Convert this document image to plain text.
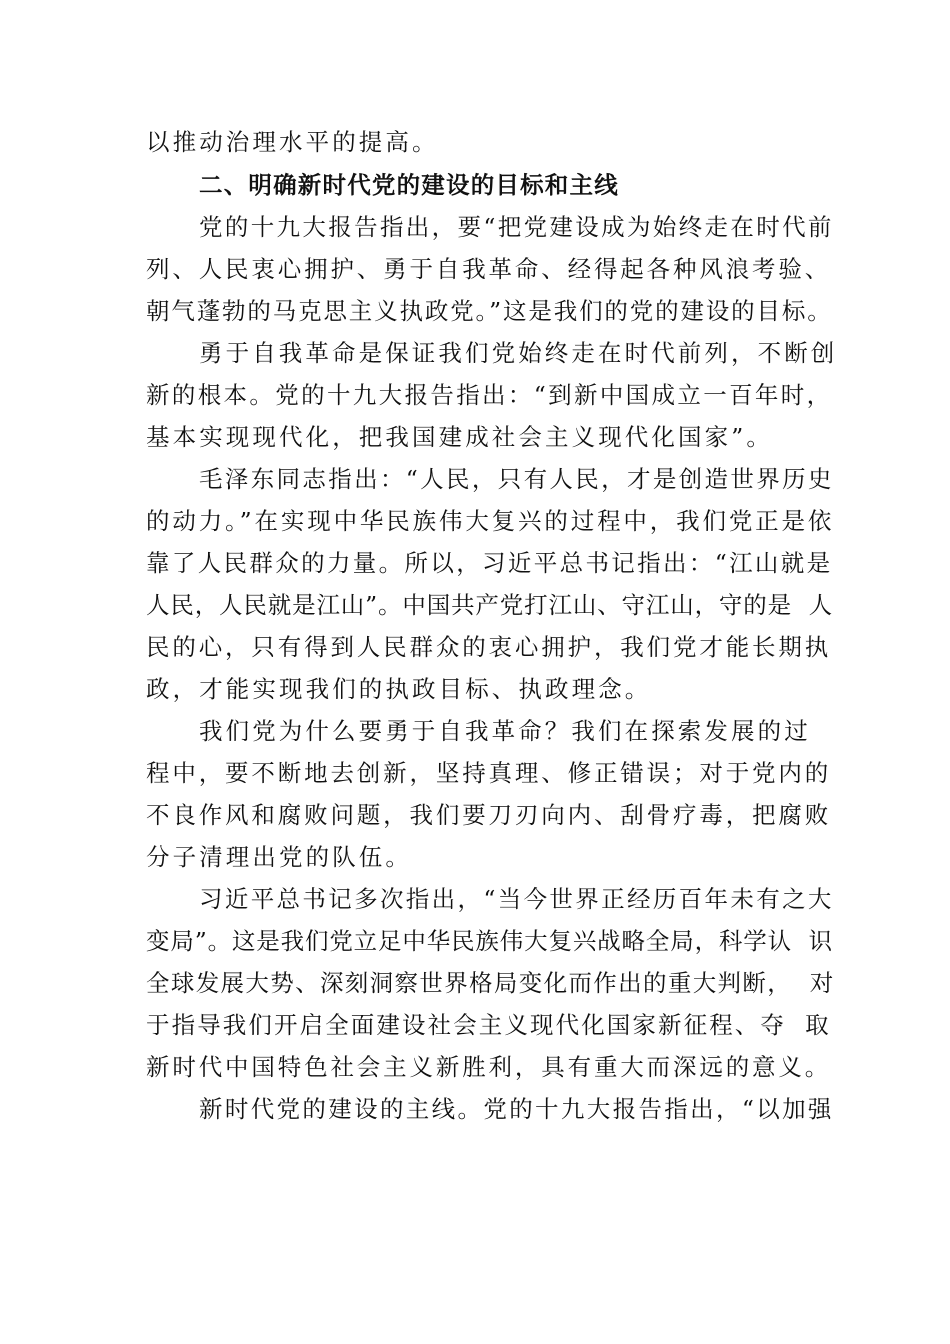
以推动治理水平的提高。
二、明确新时代党的建设的目标和主线
党的十九大报告指出，要“把党建设成为始终走在时代前
列、人民衷心拥护、勇于自我革命、经得起各种风浪考验、
朝气蓬勃的马克思主义执政党。”这是我们的党的建设的目标。
勇于自我革命是保证我们党始终走在时代前列，不断创
新的根本。党的十九大报告指出：“到新中国成立一百年时，
基本实现现代化，把我国建成社会主义现代化国家”。
毛泽东同志指出：“人民，只有人民，才是创造世界历史
的动力。”在实现中华民族伟大复兴的过程中，我们党正是依
靠了人民群众的力量。所以，习近平总书记指出：“江山就是
人民，人民就是江山”。中国共产党打江山、守江山，守的是  人
民的心，只有得到人民群众的衷心拥护，我们党才能长期执
政，才能实现我们的执政目标、执政理念。
我们党为什么要勇于自我革命？我们在探索发展的过
程中，要不断地去创新，坚持真理、修正错误；对于党内的
不良作风和腐败问题，我们要刀刃向内、刮骨疗毒，把腐败
分子清理出党的队伍。
习近平总书记多次指出，“当今世界正经历百年未有之大
变局”。这是我们党立足中华民族伟大复兴战略全局，科学认  识
全球发展大势、深刻洞察世界格局变化而作出的重大判断，  对
于指导我们开启全面建设社会主义现代化国家新征程、夺  取
新时代中国特色社会主义新胜利，具有重大而深远的意义。
新时代党的建设的主线。党的十九大报告指出，“以加强
